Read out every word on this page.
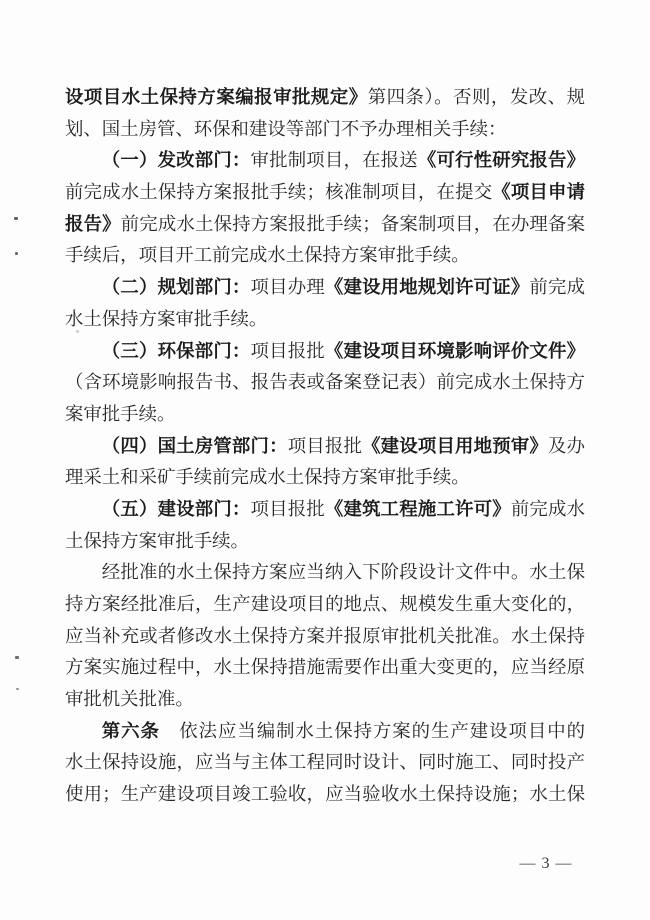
设项目水土保持方案编报审批规定》第四条）。否则，发改、规
划、国土房管、环保和建设等部门不予办理相关手续：
（一）发改部门：审批制项目，在报送《可行性研究报告》
前完成水土保持方案报批手续；核准制项目，在提交《项目申请
报告》前完成水土保持方案报批手续；备案制项目，在办理备案
手续后，项目开工前完成水土保持方案审批手续。
（二）规划部门：项目办理《建设用地规划许可证》前完成
水土保持方案审批手续。
（三）环保部门：项目报批《建设项目环境影响评价文件》
（含环境影响报告书、报告表或备案登记表）前完成水土保持方
案审批手续。
（四）国土房管部门：项目报批《建设项目用地预审》及办
理采土和采矿手续前完成水土保持方案审批手续。
（五）建设部门：项目报批《建筑工程施工许可》前完成水
土保持方案审批手续。
经批准的水土保持方案应当纳入下阶段设计文件中。水土保
持方案经批准后，生产建设项目的地点、规模发生重大变化的，
应当补充或者修改水土保持方案并报原审批机关批准。水土保持
方案实施过程中，水土保持措施需要作出重大变更的，应当经原
审批机关批准。
第六条　依法应当编制水土保持方案的生产建设项目中的
水土保持设施，应当与主体工程同时设计、同时施工、同时投产
使用；生产建设项目竣工验收，应当验收水土保持设施；水土保
— 3 —
